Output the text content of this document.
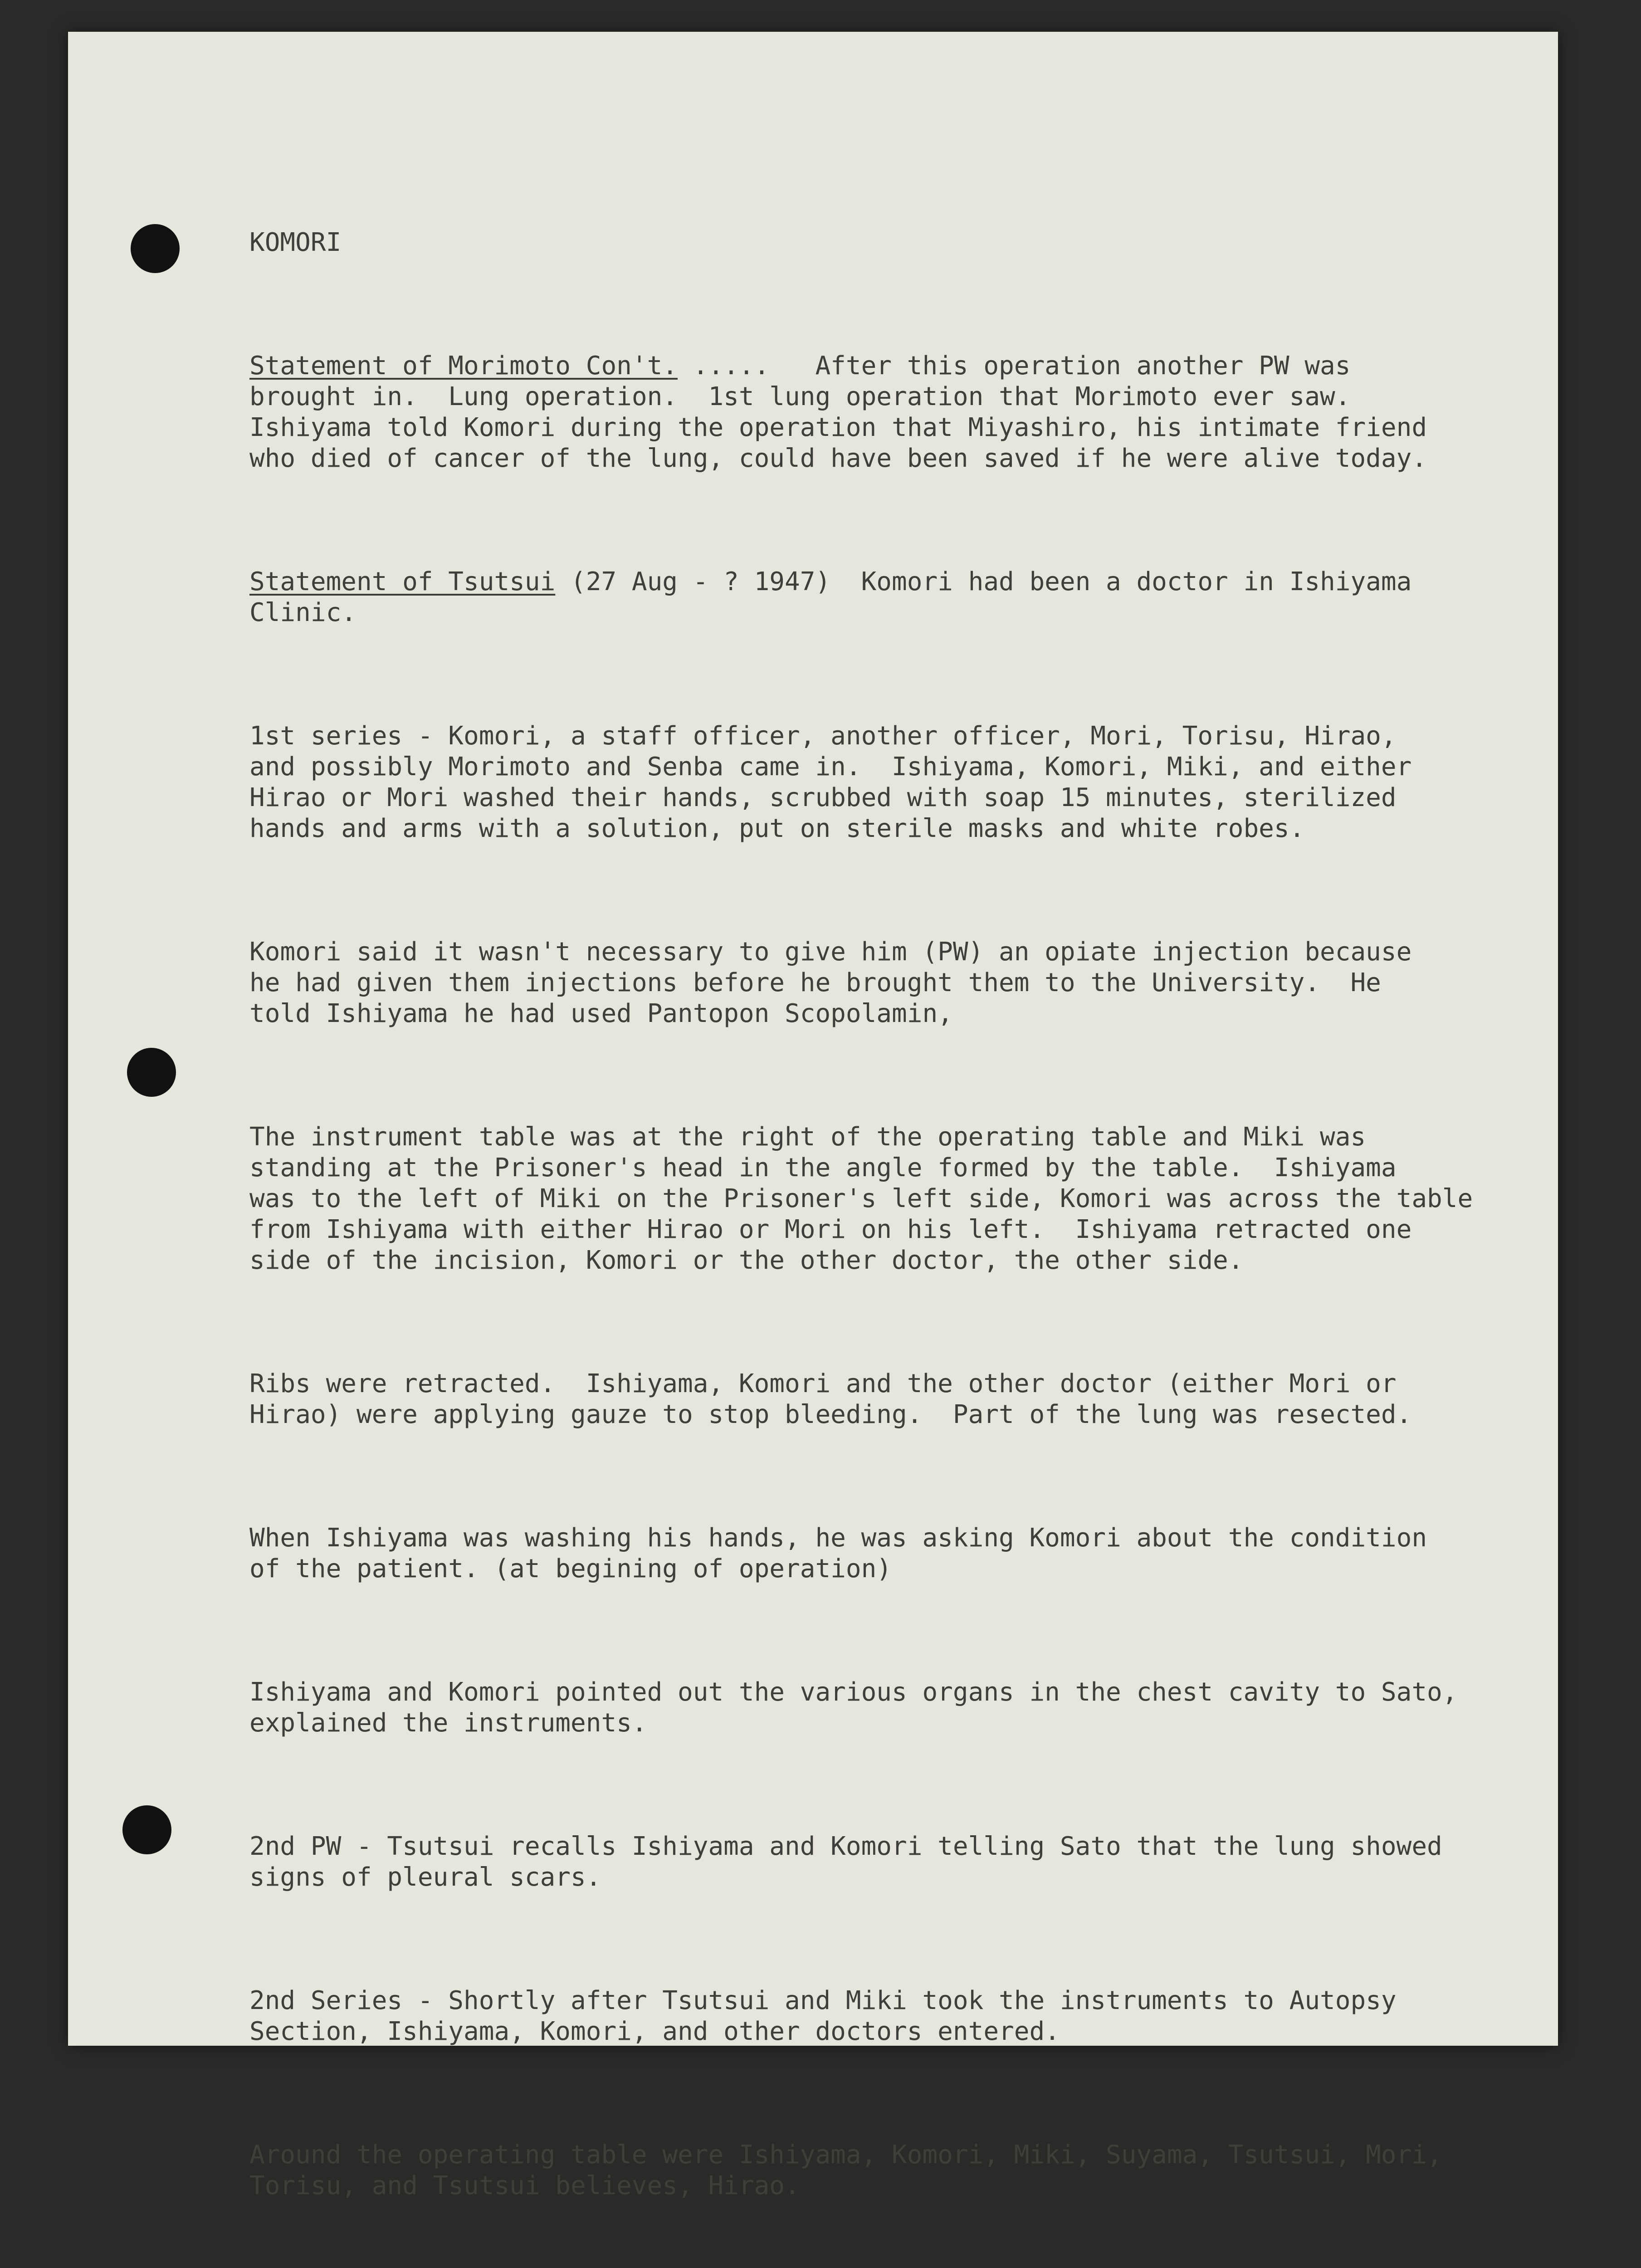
KOMORI

Statement of Morimoto Con't. .....   After this operation another PW was
brought in.  Lung operation.  1st lung operation that Morimoto ever saw.
Ishiyama told Komori during the operation that Miyashiro, his intimate friend
who died of cancer of the lung, could have been saved if he were alive today.

Statement of Tsutsui (27 Aug - ? 1947)  Komori had been a doctor in Ishiyama
Clinic.

1st series - Komori, a staff officer, another officer, Mori, Torisu, Hirao,
and possibly Morimoto and Senba came in.  Ishiyama, Komori, Miki, and either
Hirao or Mori washed their hands, scrubbed with soap 15 minutes, sterilized
hands and arms with a solution, put on sterile masks and white robes.

Komori said it wasn't necessary to give him (PW) an opiate injection because
he had given them injections before he brought them to the University.  He
told Ishiyama he had used Pantopon Scopolamin,

The instrument table was at the right of the operating table and Miki was
standing at the Prisoner's head in the angle formed by the table.  Ishiyama
was to the left of Miki on the Prisoner's left side, Komori was across the table
from Ishiyama with either Hirao or Mori on his left.  Ishiyama retracted one
side of the incision, Komori or the other doctor, the other side.

Ribs were retracted.  Ishiyama, Komori and the other doctor (either Mori or
Hirao) were applying gauze to stop bleeding.  Part of the lung was resected.

When Ishiyama was washing his hands, he was asking Komori about the condition
of the patient. (at begining of operation)

Ishiyama and Komori pointed out the various organs in the chest cavity to Sato,
explained the instruments.

2nd PW - Tsutsui recalls Ishiyama and Komori telling Sato that the lung showed
signs of pleural scars.

2nd Series - Shortly after Tsutsui and Miki took the instruments to Autopsy
Section, Ishiyama, Komori, and other doctors entered.

Around the operating table were Ishiyama, Komori, Miki, Suyama, Tsutsui, Mori,
Torisu, and Tsutsui believes, Hirao.
